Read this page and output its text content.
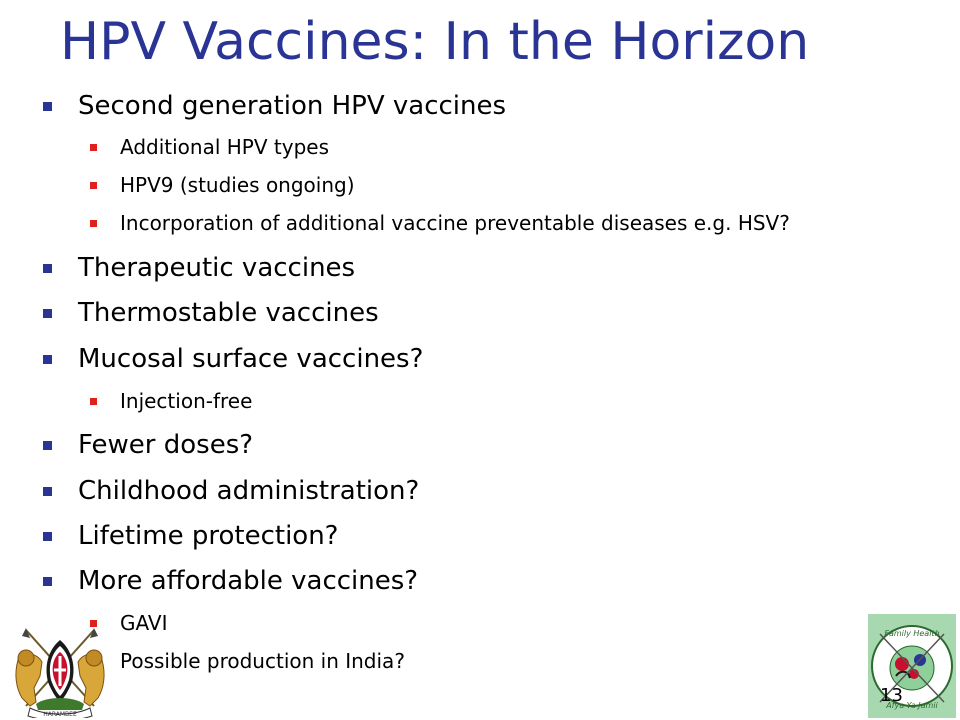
HPV Vaccines: In the Horizon
Second generation HPV vaccines
Additional HPV types
HPV9 (studies ongoing)
Incorporation of additional vaccine preventable diseases e.g. HSV?
Therapeutic vaccines
Thermostable vaccines
Mucosal surface vaccines?
Injection-free
Fewer doses?
Childhood administration?
Lifetime protection?
More affordable vaccines?
GAVI
Possible production in India?
HARAMBEE
Family Health
Afya Ya Jamii
13
